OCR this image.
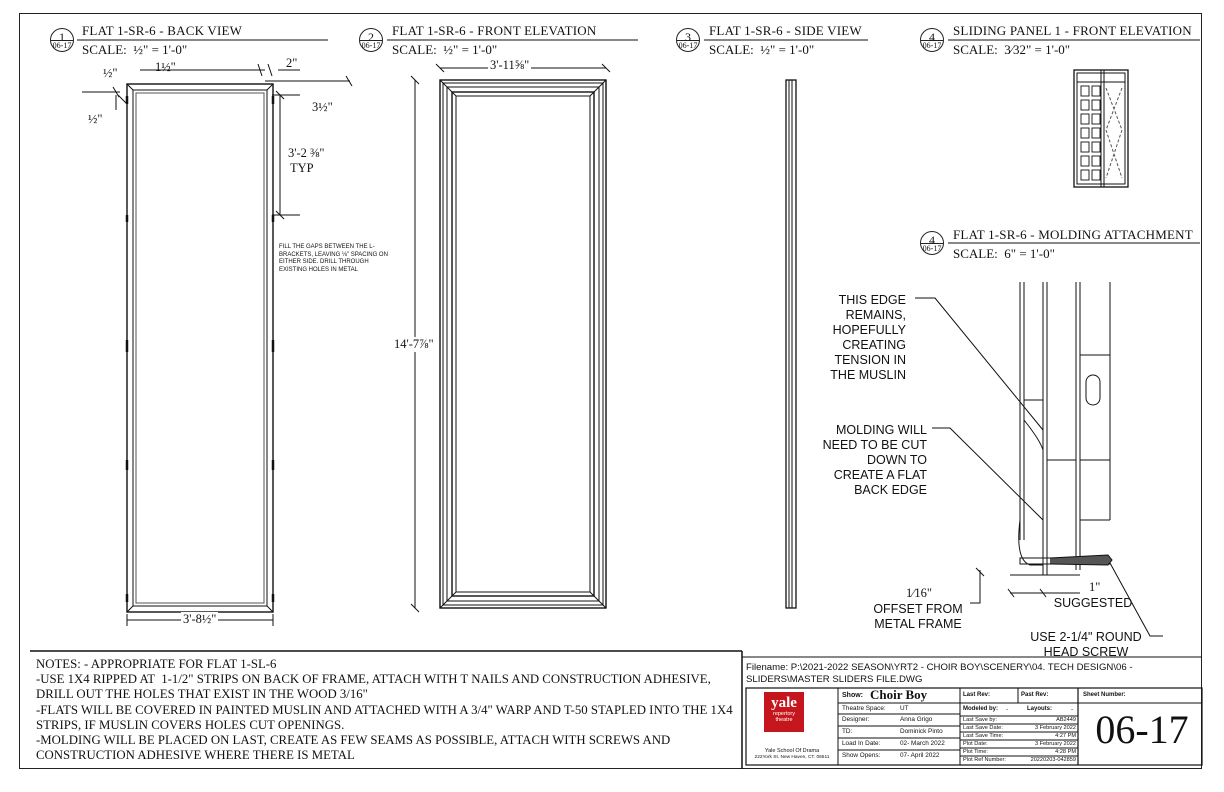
1
06-17
FLAT 1-SR-6 - BACK VIEW
SCALE: ½" = 1'-0"
2
06-17
FLAT 1-SR-6 - FRONT ELEVATION
SCALE: ½" = 1'-0"
3
06-17
FLAT 1-SR-6 - SIDE VIEW
SCALE: ½" = 1'-0"
4
06-17
SLIDING PANEL 1 - FRONT ELEVATION
SCALE: 3⁄32" = 1'-0"
4
06-17
FLAT 1-SR-6 - MOLDING ATTACHMENT
SCALE: 6" = 1'-0"
½"	1½"	2"
½"
3½"
3'-2 ⅜"
TYP
3'-8½"
3'-11⅝"
14'-7⅞"
1⁄16"	1"
FILL THE GAPS BETWEEN THE L-BRACKETS, LEAVING ⅛" SPACING ON EITHER SIDE. DRILL THROUGH EXISTING HOLES IN METAL
THIS EDGE
REMAINS,
HOPEFULLY
CREATING
TENSION IN
THE MUSLIN
MOLDING WILL
NEED TO BE CUT
DOWN TO
CREATE A FLAT
BACK EDGE
OFFSET FROM
METAL FRAME
SUGGESTED
USE 2-1/4" ROUND
HEAD SCREW
NOTES: - APPROPRIATE FOR FLAT 1-SL-6
-USE 1X4 RIPPED AT  1-1/2" STRIPS ON BACK OF FRAME, ATTACH WITH T NAILS AND CONSTRUCTION ADHESIVE, DRILL OUT THE HOLES THAT EXIST IN THE WOOD 3/16"
-FLATS WILL BE COVERED IN PAINTED MUSLIN AND ATTACHED WITH A 3/4" WARP AND T-50 STAPLED INTO THE 1X4 STRIPS, IF MUSLIN COVERS HOLES CUT OPENINGS.
-MOLDING WILL BE PLACED ON LAST, CREATE AS FEW SEAMS AS POSSIBLE, ATTACH WITH SCREWS AND CONSTRUCTION ADHESIVE WHERE THERE IS METAL
Filename: P:\2021-2022 SEASON\YRT2 - CHOIR BOY\SCENERY\04. TECH DESIGN\06 - SLIDERS\MASTER SLIDERS FILE.DWG
yale
repertory theatre
Yale School Of Drama
222York St. New Haven, CT. 06511
Show: Choir Boy
Theatre Space: UT
Designer:	Anna Grigo
TD:	Dominick Pinto
Load In Date:	02- March 2022
Show Opens:	07- April 2022
Last Rev:	Past Rev:	Sheet Number:
Modeled by: -	Layouts:	-
Last Save by:	AB2449
Last Save Date:	3 February 2022
Last Save Time:	4:27 PM
Plot Date:	3 February 2022
Plot Time:	4:28 PM
Plot Ref Number:	20220203-042859
06-17
